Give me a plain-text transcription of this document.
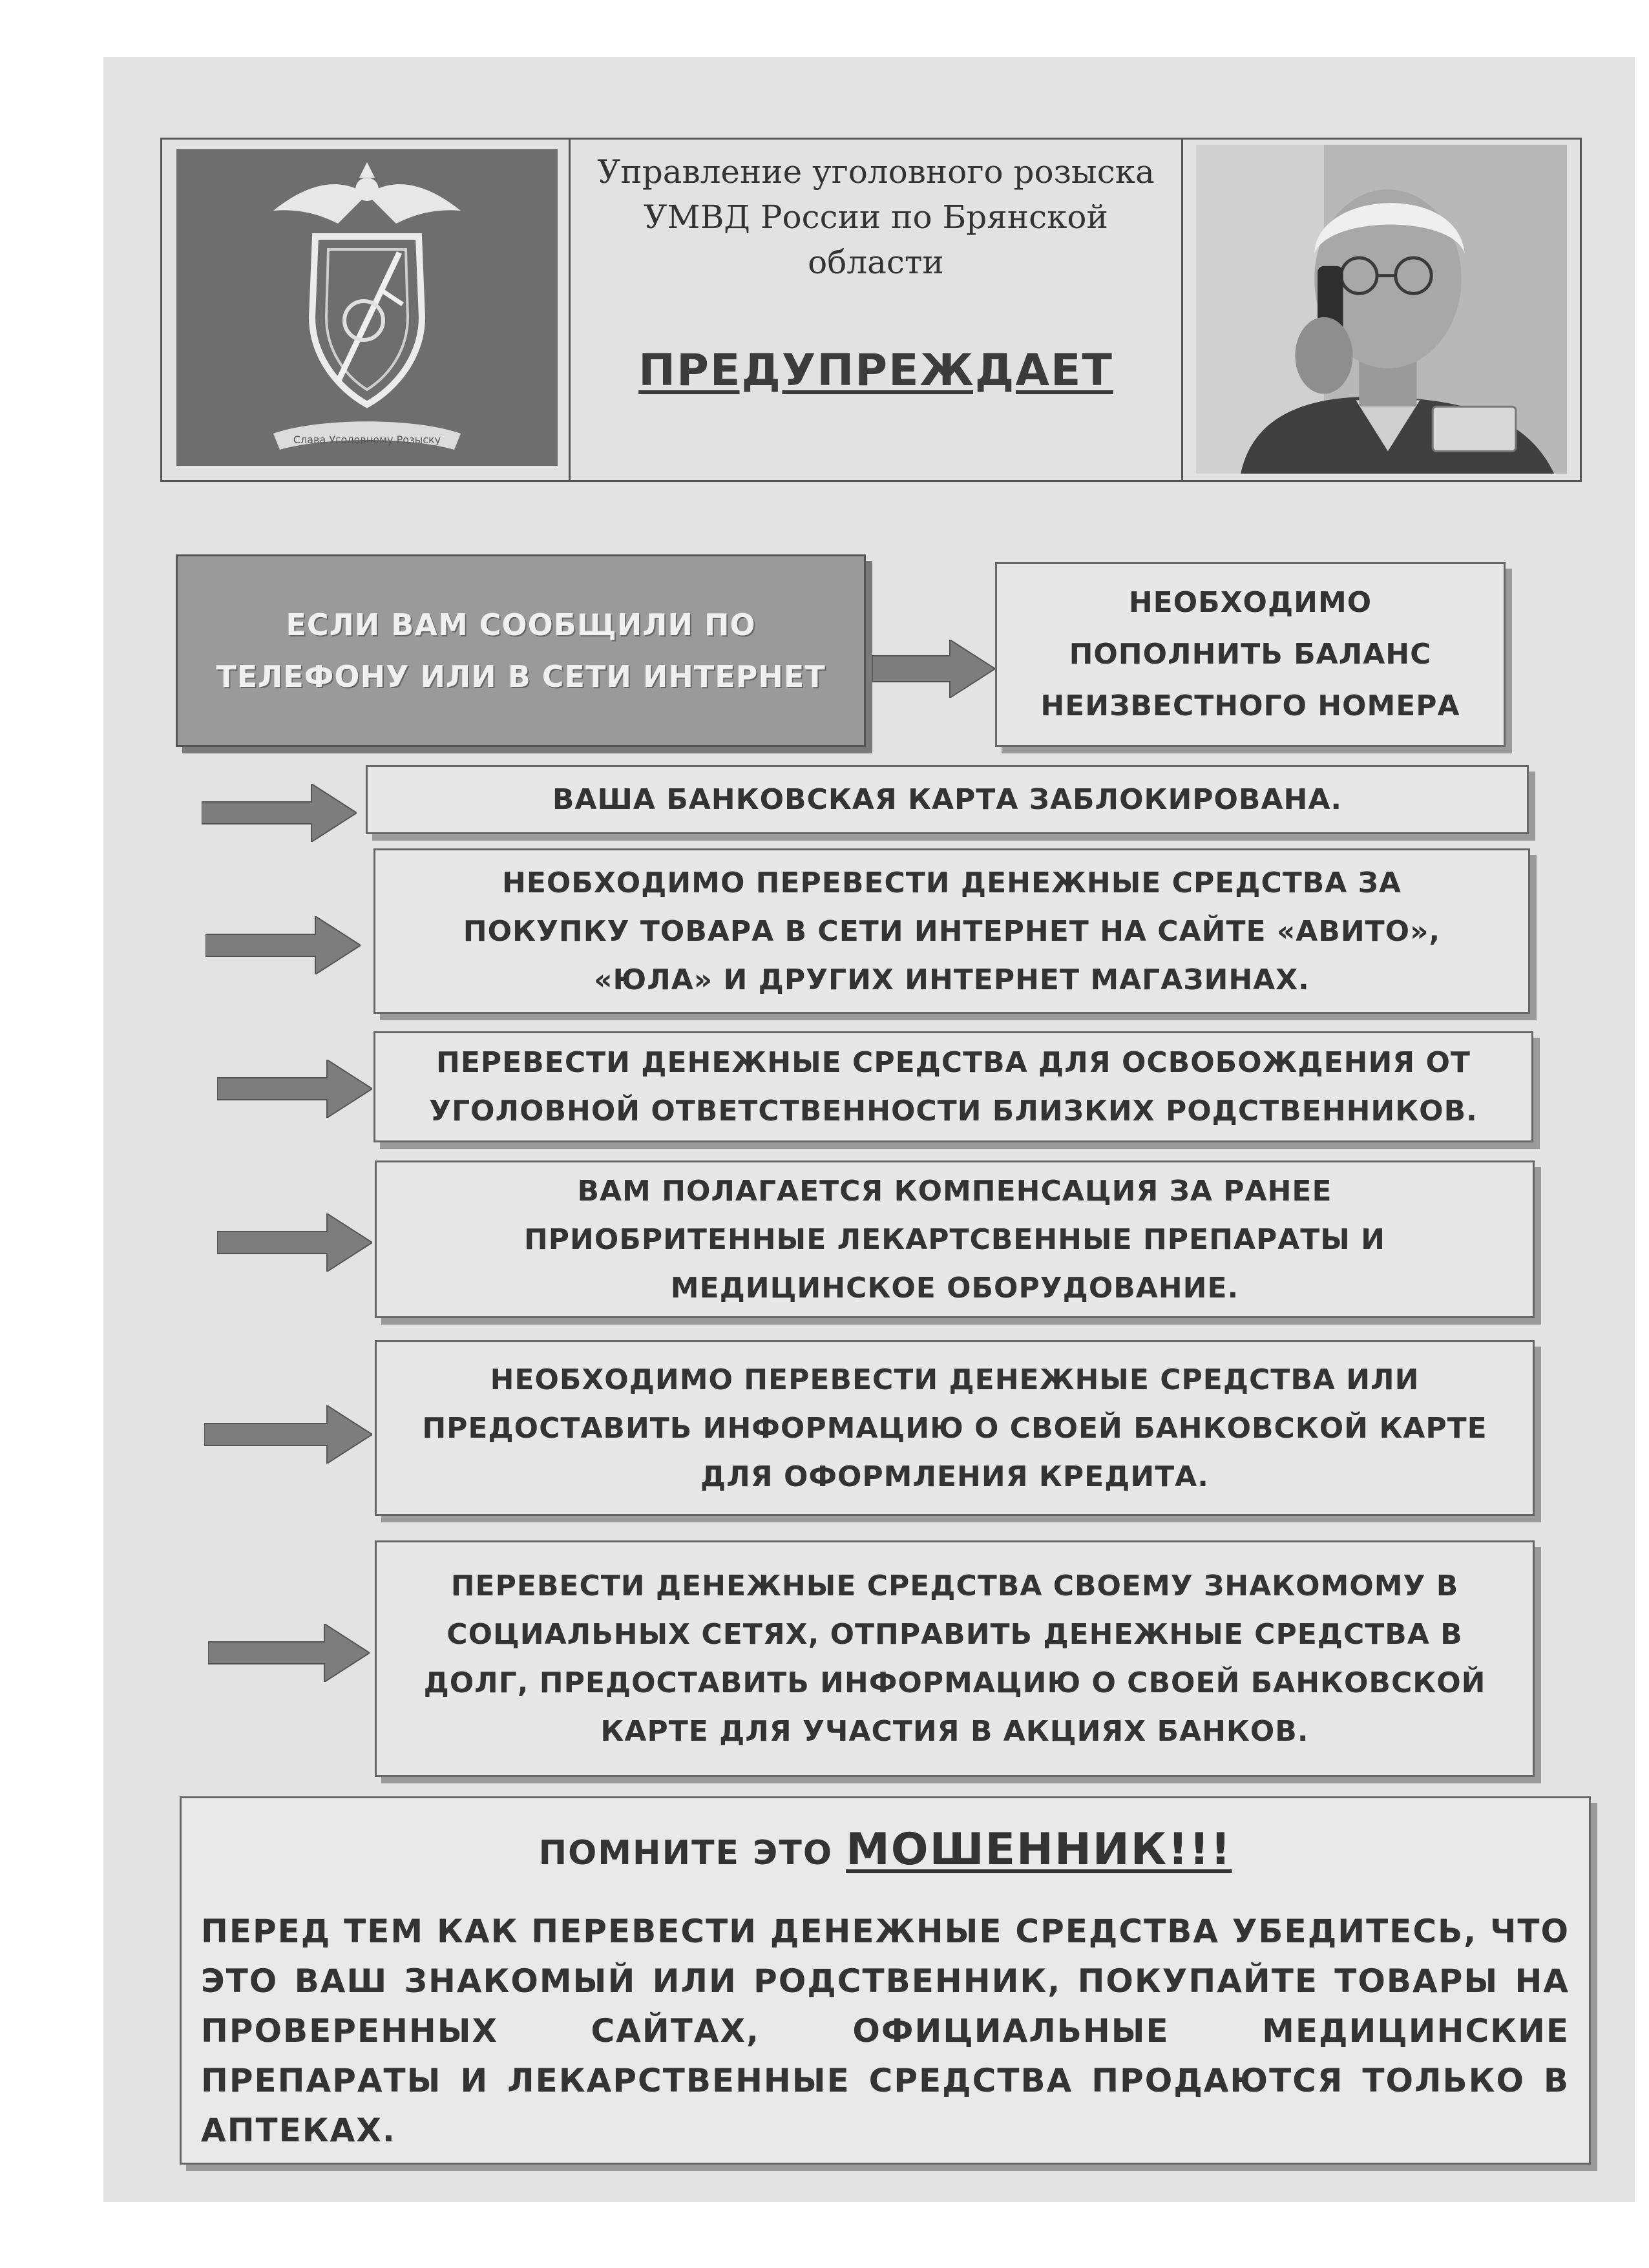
Слава Уголовному Розыску
Управление уголовного розыска
УМВД России по Брянской области
ПРЕДУПРЕЖДАЕТ
ЕСЛИ ВАМ СООБЩИЛИ ПО
ТЕЛЕФОНУ ИЛИ В СЕТИ ИНТЕРНЕТ
НЕОБХОДИМО
ПОПОЛНИТЬ БАЛАНС
НЕИЗВЕСТНОГО НОМЕРА
ВАША БАНКОВСКАЯ КАРТА ЗАБЛОКИРОВАНА.
НЕОБХОДИМО ПЕРЕВЕСТИ ДЕНЕЖНЫЕ СРЕДСТВА ЗА
ПОКУПКУ ТОВАРА В СЕТИ ИНТЕРНЕТ НА САЙТЕ «АВИТО»,
«ЮЛА» И ДРУГИХ ИНТЕРНЕТ МАГАЗИНАХ.
ПЕРЕВЕСТИ ДЕНЕЖНЫЕ СРЕДСТВА ДЛЯ ОСВОБОЖДЕНИЯ ОТ
УГОЛОВНОЙ ОТВЕТСТВЕННОСТИ БЛИЗКИХ РОДСТВЕННИКОВ.
ВАМ ПОЛАГАЕТСЯ КОМПЕНСАЦИЯ ЗА РАНЕЕ
ПРИОБРИТЕННЫЕ ЛЕКАРТСВЕННЫЕ ПРЕПАРАТЫ И
МЕДИЦИНСКОЕ ОБОРУДОВАНИЕ.
НЕОБХОДИМО ПЕРЕВЕСТИ ДЕНЕЖНЫЕ СРЕДСТВА ИЛИ
ПРЕДОСТАВИТЬ ИНФОРМАЦИЮ О СВОЕЙ БАНКОВСКОЙ КАРТЕ
ДЛЯ ОФОРМЛЕНИЯ КРЕДИТА.
ПЕРЕВЕСТИ ДЕНЕЖНЫЕ СРЕДСТВА СВОЕМУ ЗНАКОМОМУ В
СОЦИАЛЬНЫХ СЕТЯХ, ОТПРАВИТЬ ДЕНЕЖНЫЕ СРЕДСТВА В
ДОЛГ, ПРЕДОСТАВИТЬ ИНФОРМАЦИЮ О СВОЕЙ БАНКОВСКОЙ
КАРТЕ ДЛЯ УЧАСТИЯ В АКЦИЯХ БАНКОВ.
ПОМНИТЕ ЭТО МОШЕННИК!!!
ПЕРЕД ТЕМ КАК ПЕРЕВЕСТИ ДЕНЕЖНЫЕ СРЕДСТВА УБЕДИТЕСЬ, ЧТО ЭТО ВАШ ЗНАКОМЫЙ ИЛИ РОДСТВЕННИК, ПОКУПАЙТЕ ТОВАРЫ НА ПРОВЕРЕННЫХ САЙТАХ, ОФИЦИАЛЬНЫЕ МЕДИЦИНСКИЕ ПРЕПАРАТЫ И ЛЕКАРСТВЕННЫЕ СРЕДСТВА ПРОДАЮТСЯ ТОЛЬКО В АПТЕКАХ.
